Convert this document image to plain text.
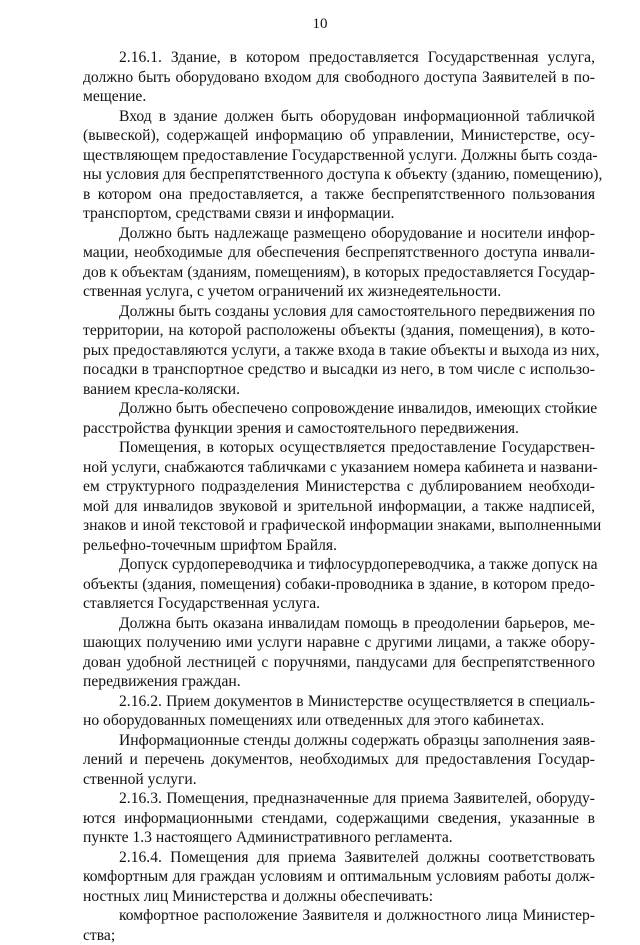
10

2.16.1. Здание, в котором предоставляется Государственная услуга,
должно быть оборудовано входом для свободного доступа Заявителей в по-
мещение.

Вход в здание должен быть оборудован информационной табличкой
(вывеской), содержащей информацию об управлении, Министерстве, осу-
ществляющем предоставление Государственной услуги. Должны быть созда-
ны условия для беспрепятственного доступа к объекту (зданию, помещению),
в котором она предоставляется, а также беспрепятственного пользования
транспортом, средствами связи и информации.

Должно быть надлежаще размещено оборудование и носители инфор-
мации, необходимые для обеспечения беспрепятственного доступа инвали-
дов к объектам (зданиям, помещениям), в которых предоставляется Государ-
ственная услуга, с учетом ограничений их жизнедеятельности.

Должны быть созданы условия для самостоятельного передвижения по
территории, на которой расположены объекты (здания, помещения), в кото-
рых предоставляются услуги, а также входа в такие объекты и выхода из них,
посадки в транспортное средство и высадки из него, в том числе с использо-
ванием кресла-коляски.

Должно быть обеспечено сопровождение инвалидов, имеющих стойкие
расстройства функции зрения и самостоятельного передвижения.

Помещения, в которых осуществляется предоставление Государствен-
ной услуги, снабжаются табличками с указанием номера кабинета и названи-
ем структурного подразделения Министерства с дублированием необходи-
мой для инвалидов звуковой и зрительной информации, а также надписей,
знаков и иной текстовой и графической информации знаками, выполненными
рельефно-точечным шрифтом Брайля.

Допуск сурдопереводчика и тифлосурдопереводчика, а также допуск на
объекты (здания, помещения) собаки-проводника в здание, в котором предо-
ставляется Государственная услуга.

Должна быть оказана инвалидам помощь в преодолении барьеров, ме-
шающих получению ими услуги наравне с другими лицами, а также обору-
дован удобной лестницей с поручнями, пандусами для беспрепятственного
передвижения граждан.

2.16.2. Прием документов в Министерстве осуществляется в специаль-
но оборудованных помещениях или отведенных для этого кабинетах.

Информационные стенды должны содержать образцы заполнения заяв-
лений и перечень документов, необходимых для предоставления Государ-
ственной услуги.

2.16.3. Помещения, предназначенные для приема Заявителей, оборуду-
ются информационными стендами, содержащими сведения, указанные в
пункте 1.3 настоящего Административного регламента.

2.16.4. Помещения для приема Заявителей должны соответствовать
комфортным для граждан условиям и оптимальным условиям работы долж-
ностных лиц Министерства и должны обеспечивать:

комфортное расположение Заявителя и должностного лица Министер-
ства;
